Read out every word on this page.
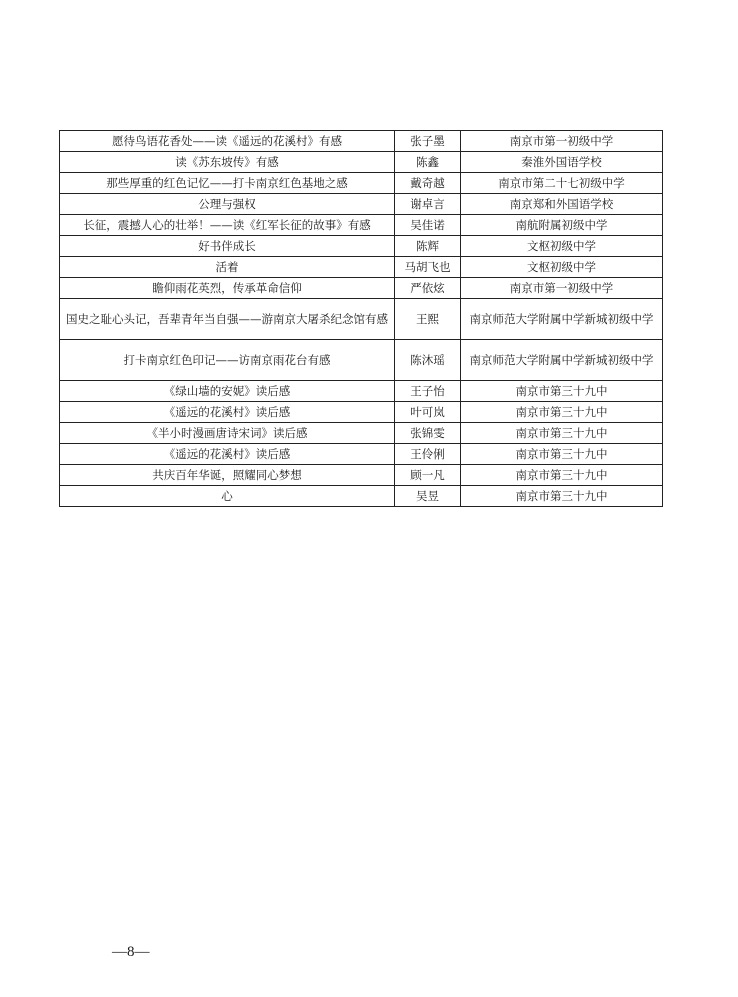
愿待鸟语花香处——读《遥远的花溪村》有感	张子墨	南京市第一初级中学
读《苏东坡传》有感	陈鑫	秦淮外国语学校
那些厚重的红色记忆——打卡南京红色基地之感	戴奇越	南京市第二十七初级中学
公理与强权	谢卓言	南京郑和外国语学校
长征，震撼人心的壮举！——读《红军长征的故事》有感	吴佳诺	南航附属初级中学
好书伴成长	陈辉	文枢初级中学
活着	马胡飞也	文枢初级中学
瞻仰雨花英烈，传承革命信仰	严依炫	南京市第一初级中学
国史之耻心头记，吾辈青年当自强——游南京大屠杀纪念馆有感	王熙	南京师范大学附属中学新城初级中学
打卡南京红色印记——访南京雨花台有感	陈沐瑶	南京师范大学附属中学新城初级中学
《绿山墙的安妮》读后感	王子怡	南京市第三十九中
《遥远的花溪村》读后感	叶可岚	南京市第三十九中
《半小时漫画唐诗宋词》读后感	张锦雯	南京市第三十九中
《遥远的花溪村》读后感	王伶俐	南京市第三十九中
共庆百年华诞，照耀同心梦想	顾一凡	南京市第三十九中
心	吴昱	南京市第三十九中
—8—
